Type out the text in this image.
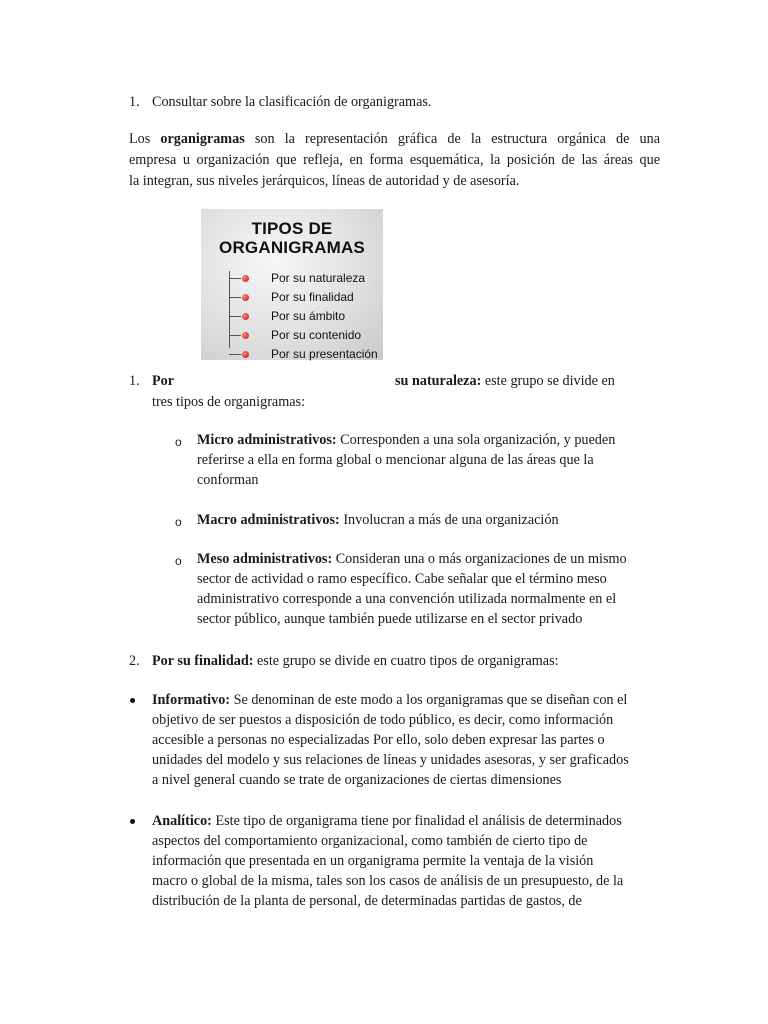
1. Consultar sobre la clasificación de organigramas.
Los organigramas son la representación gráfica de la estructura orgánica de una
empresa u organización que refleja, en forma esquemática, la posición de las áreas que
la integran, sus niveles jerárquicos, líneas de autoridad y de asesoría.
TIPOS DE
ORGANIGRAMAS
Por su naturaleza
Por su finalidad
Por su ámbito
Por su contenido
Por su presentación
1. Por	su naturaleza: este grupo se divide en
tres tipos de organigramas:
o Micro administrativos: Corresponden a una sola organización, y pueden
referirse a ella en forma global o mencionar alguna de las áreas que la
conforman
o Macro administrativos: Involucran a más de una organización
o Meso administrativos: Consideran una o más organizaciones de un mismo
sector de actividad o ramo específico. Cabe señalar que el término meso
administrativo corresponde a una convención utilizada normalmente en el
sector público, aunque también puede utilizarse en el sector privado
2. Por su finalidad: este grupo se divide en cuatro tipos de organigramas:
Informativo: Se denominan de este modo a los organigramas que se diseñan con el
objetivo de ser puestos a disposición de todo público, es decir, como información
accesible a personas no especializadas Por ello, solo deben expresar las partes o
unidades del modelo y sus relaciones de líneas y unidades asesoras, y ser graficados
a nivel general cuando se trate de organizaciones de ciertas dimensiones
Analítico: Este tipo de organigrama tiene por finalidad el análisis de determinados
aspectos del comportamiento organizacional, como también de cierto tipo de
información que presentada en un organigrama permite la ventaja de la visión
macro o global de la misma, tales son los casos de análisis de un presupuesto, de la
distribución de la planta de personal, de determinadas partidas de gastos, de
